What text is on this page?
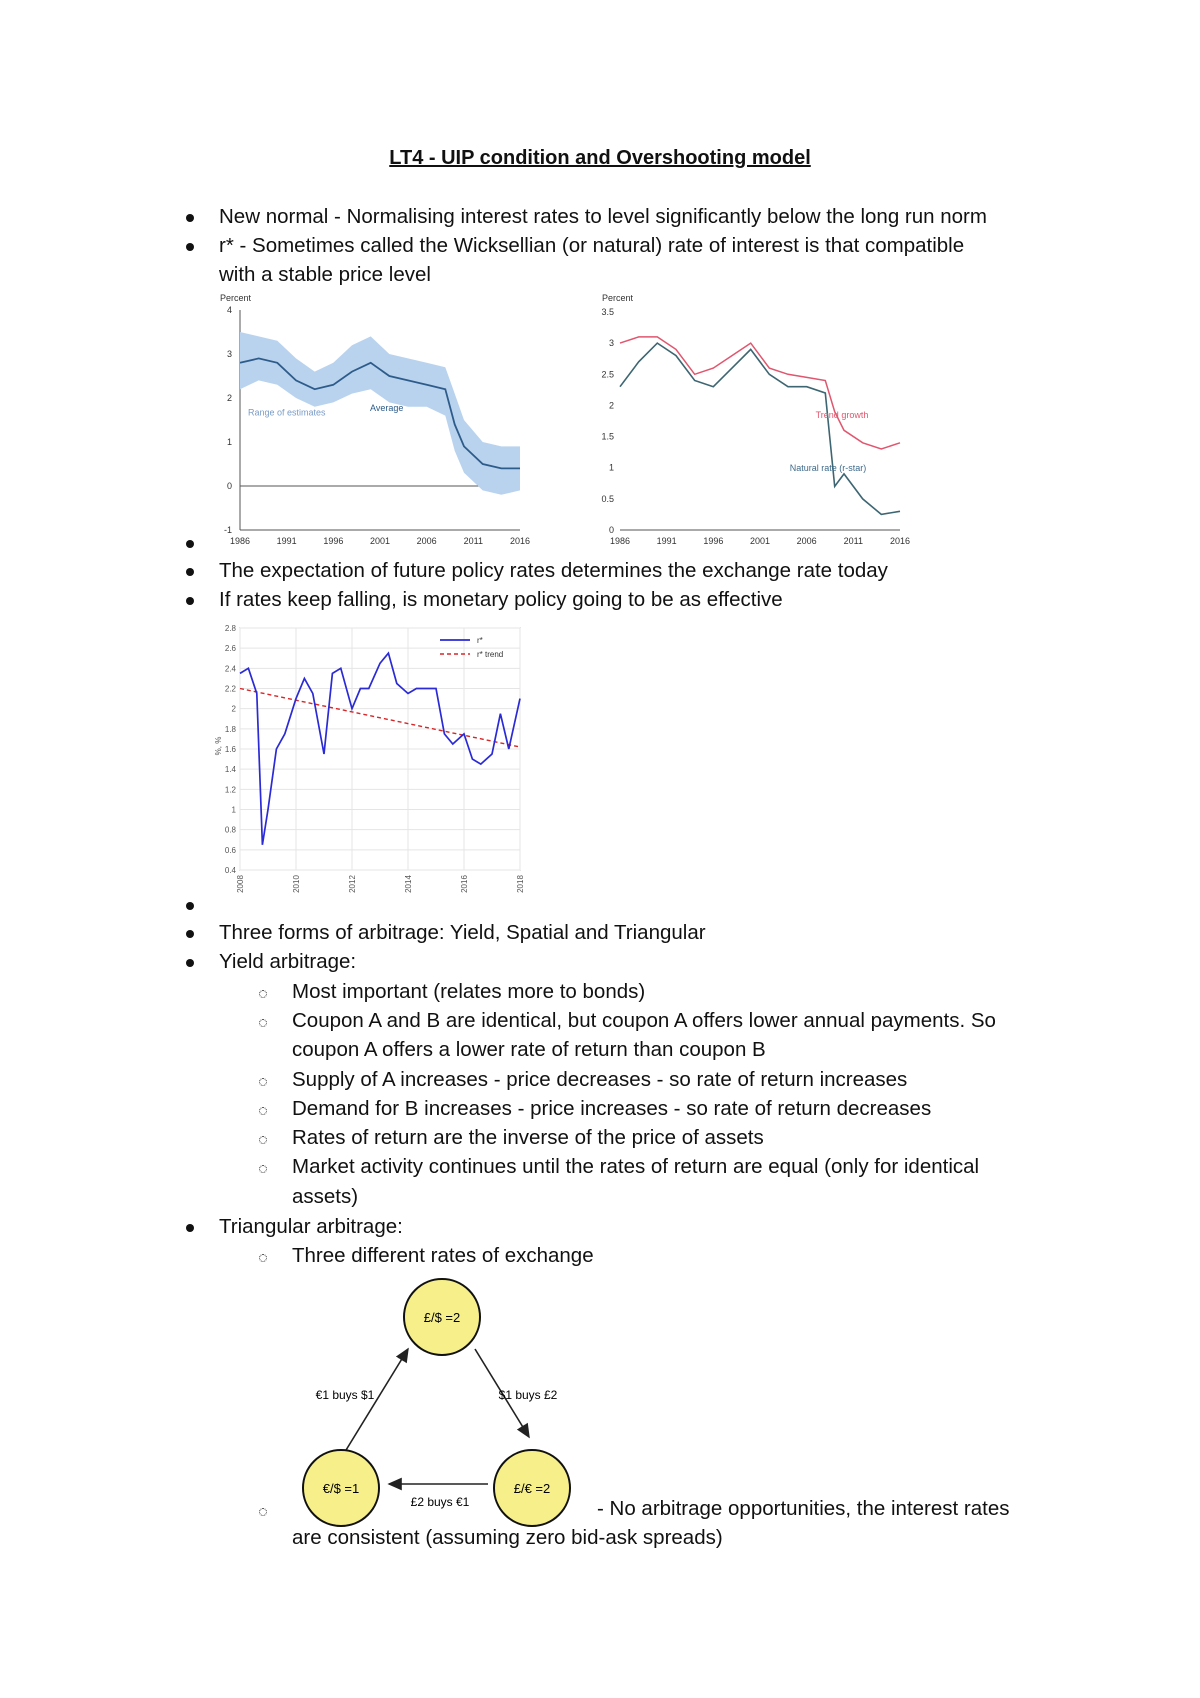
LT4 - UIP condition and Overshooting model
New normal - Normalising interest rates to level significantly below the long run norm
r* - Sometimes called the Wicksellian (or natural) rate of interest is that compatible
with a stable price level
Percent
4
3
2
1
0
-1
1986	1991	1996	2001	2006	2011	2016
Range of estimates	Average
Percent
3.5
3
2.5
2
1.5
1
0.5
0
1986	1991	1996	2001	2006	2011	2016
Trend growth
Natural rate (r-star)
The expectation of future policy rates determines the exchange rate today
If rates keep falling, is monetary policy going to be as effective
2.8
2.6
2.4
2.2
2
1.8
1.6
1.4
1.2
1
0.8
0.6
0.4
2008	2010	2012	2014	2016	2018
%, %
r*
r* trend
Three forms of arbitrage: Yield, Spatial and Triangular
Yield arbitrage:
Most important (relates more to bonds)
Coupon A and B are identical, but coupon A offers lower annual payments. So
coupon A offers a lower rate of return than coupon B
Supply of A increases - price decreases - so rate of return increases
Demand for B increases - price increases - so rate of return decreases
Rates of return are the inverse of the price of assets
Market activity continues until the rates of return are equal (only for identical
assets)
Triangular arbitrage:
Three different rates of exchange
£/$ =2
€/$ =1	£/€ =2
€1 buys $1	$1 buys £2
£2 buys €1	- No arbitrage opportunities, the interest rates
are consistent (assuming zero bid-ask spreads)
